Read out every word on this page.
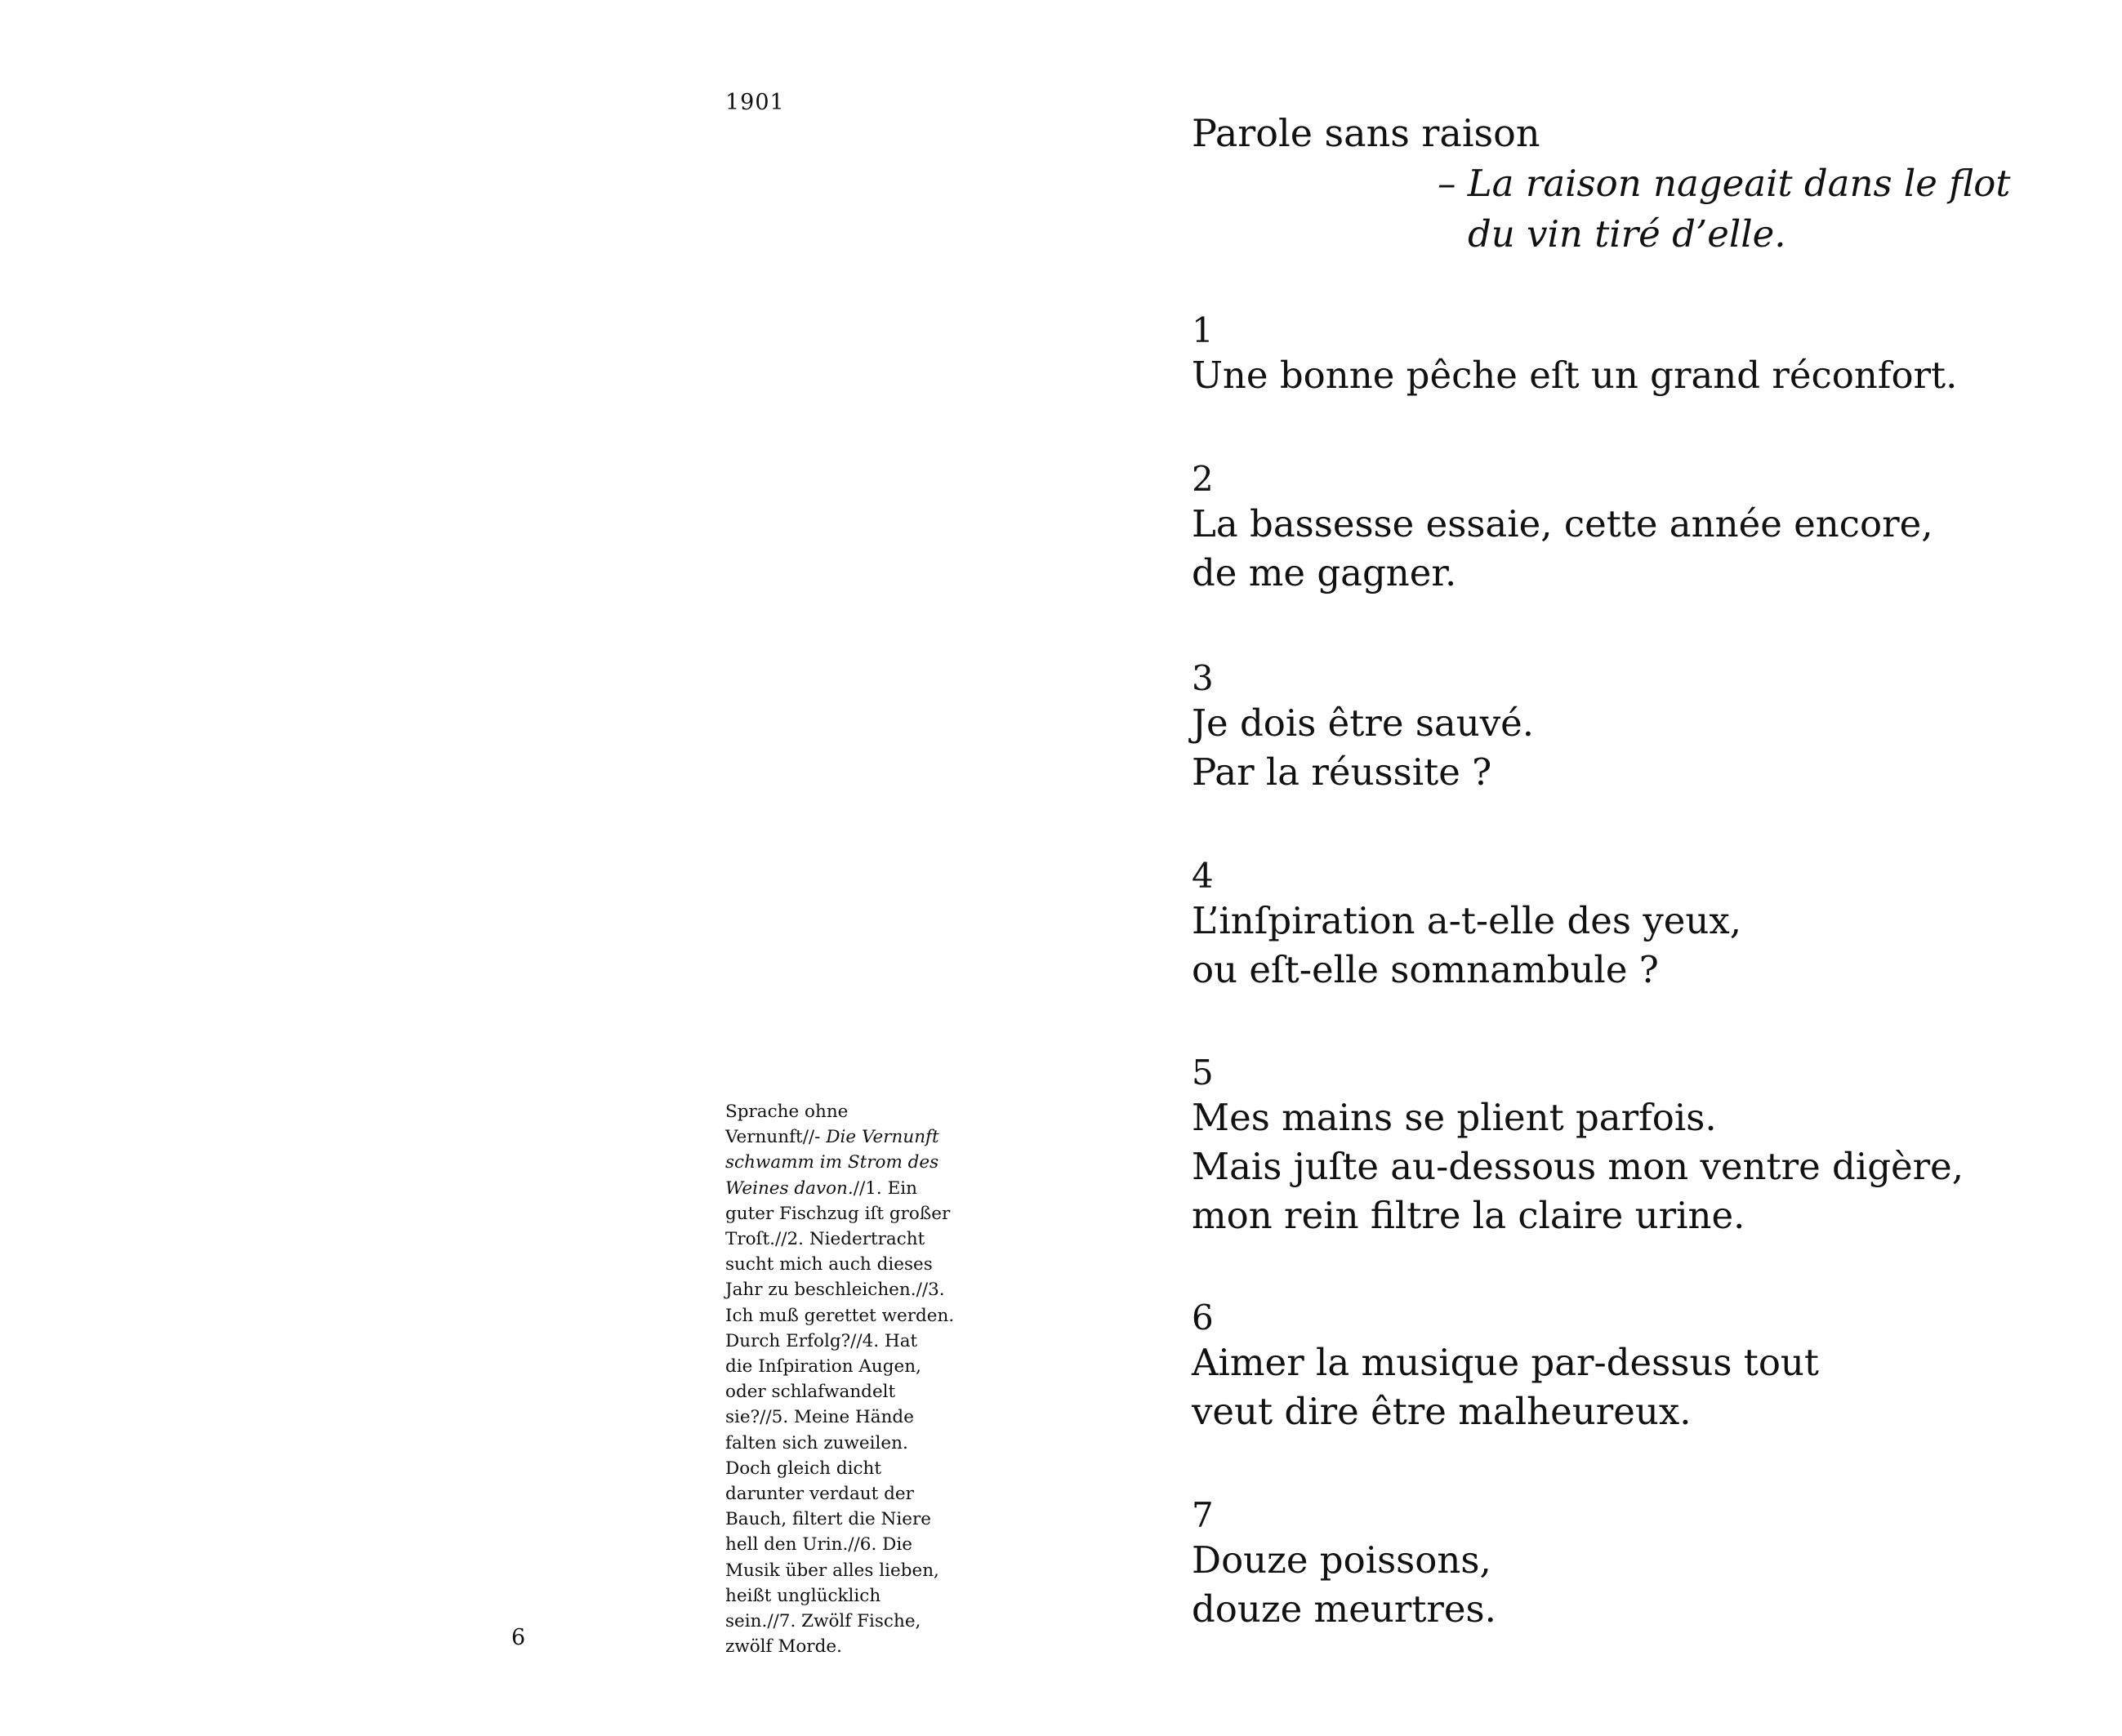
1901
6
Sprache ohne
Vernunft//- Die Vernunft
schwamm im Strom des
Weines davon.//1. Ein
guter Fischzug iſt großer
Troſt.//2. Niedertracht
sucht mich auch dieses
Jahr zu beschleichen.//3.
Ich muß gerettet werden.
Durch Erfolg?//4. Hat
die Inſpiration Augen,
oder schlafwandelt
sie?//5. Meine Hände
falten sich zuweilen.
Doch gleich dicht
darunter verdaut der
Bauch, filtert die Niere
hell den Urin.//6. Die
Musik über alles lieben,
heißt unglücklich
sein.//7. Zwölf Fische,
zwölf Morde.
Parole sans raison
– La raison nageait dans le flot
du vin tiré d’elle.
1
Une bonne pêche eſt un grand réconfort.
2
La bassesse essaie, cette année encore,
de me gagner.
3
Je dois être sauvé.
Par la réussite ?
4
L’inſpiration a-t-elle des yeux,
ou eſt-elle somnambule ?
5
Mes mains se plient parfois.
Mais juſte au-dessous mon ventre digère,
mon rein filtre la claire urine.
6
Aimer la musique par-dessus tout
veut dire être malheureux.
7
Douze poissons,
douze meurtres.
